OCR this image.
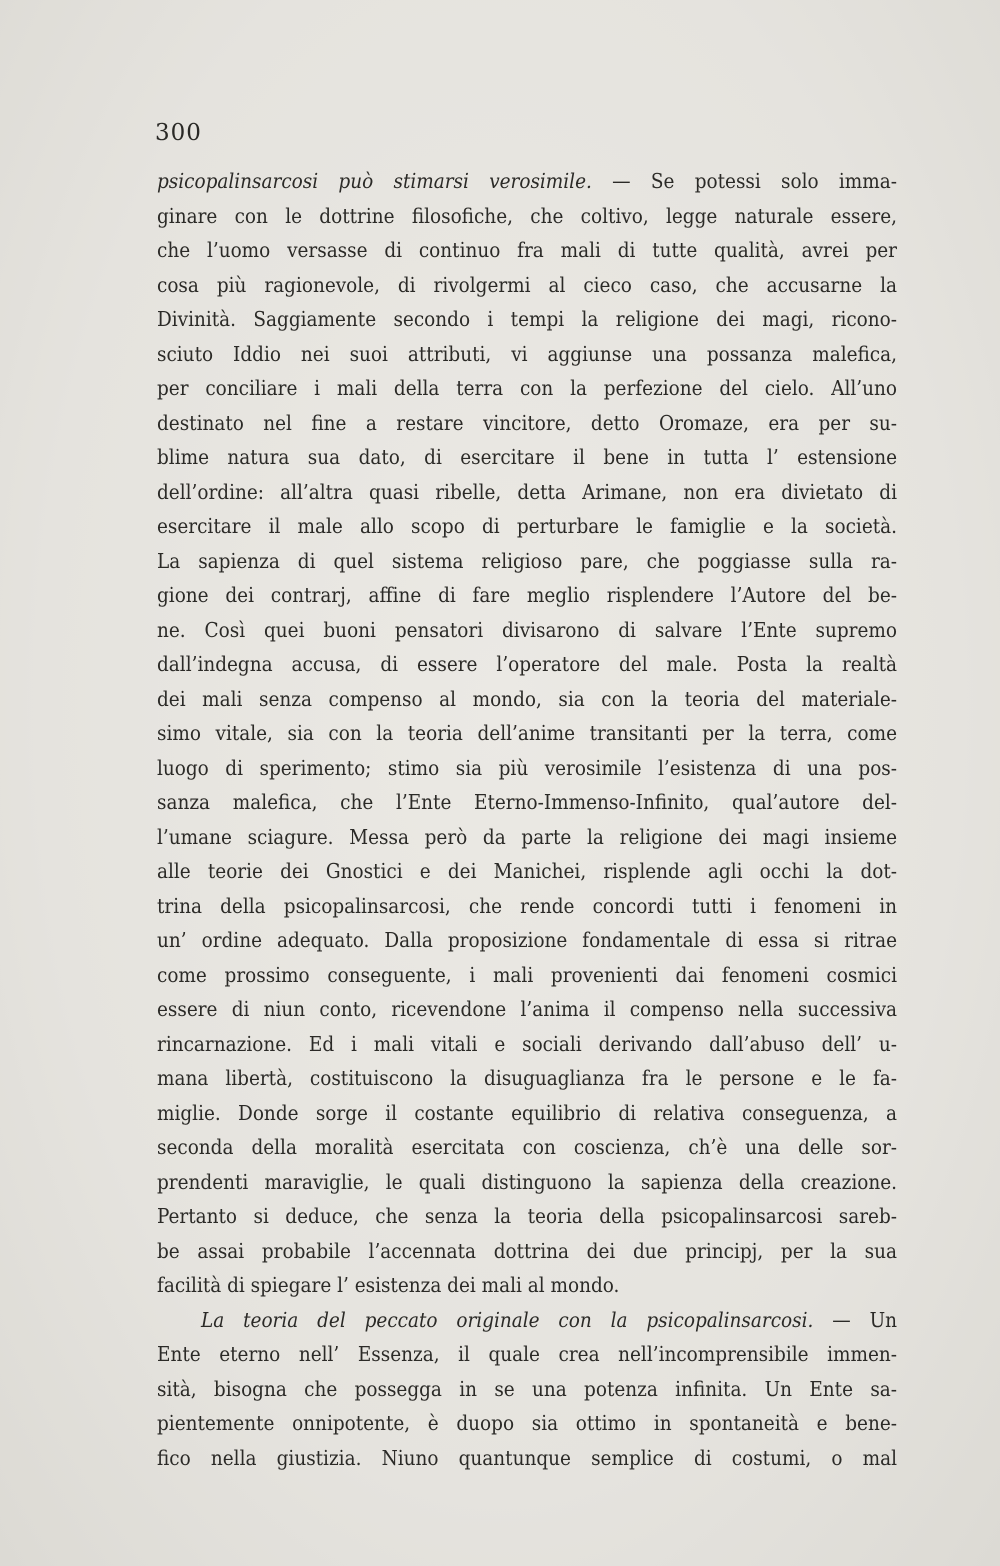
300
psicopalinsarcosi può stimarsi verosimile. — Se potessi solo imma-
ginare con le dottrine filosofiche, che coltivo, legge naturale essere,
che l’uomo versasse di continuo fra mali di tutte qualità, avrei per
cosa più ragionevole, di rivolgermi al cieco caso, che accusarne la
Divinità. Saggiamente secondo i tempi la religione dei magi, ricono-
sciuto Iddio nei suoi attributi, vi aggiunse una possanza malefica,
per conciliare i mali della terra con la perfezione del cielo. All’uno
destinato nel fine a restare vincitore, detto Oromaze, era per su-
blime natura sua dato, di esercitare il bene in tutta l’ estensione
dell’ordine: all’altra quasi ribelle, detta Arimane, non era divietato di
esercitare il male allo scopo di perturbare le famiglie e la società.
La sapienza di quel sistema religioso pare, che poggiasse sulla ra-
gione dei contrarj, affine di fare meglio risplendere l’Autore del be-
ne. Così quei buoni pensatori divisarono di salvare l’Ente supremo
dall’indegna accusa, di essere l’operatore del male. Posta la realtà
dei mali senza compenso al mondo, sia con la teoria del materiale-
simo vitale, sia con la teoria dell’anime transitanti per la terra, come
luogo di sperimento; stimo sia più verosimile l’esistenza di una pos-
sanza malefica, che l’Ente Eterno-Immenso-Infinito, qual’autore del-
l’umane sciagure. Messa però da parte la religione dei magi insieme
alle teorie dei Gnostici e dei Manichei, risplende agli occhi la dot-
trina della psicopalinsarcosi, che rende concordi tutti i fenomeni in
un’ ordine adequato. Dalla proposizione fondamentale di essa si ritrae
come prossimo conseguente, i mali provenienti dai fenomeni cosmici
essere di niun conto, ricevendone l’anima il compenso nella successiva
rincarnazione. Ed i mali vitali e sociali derivando dall’abuso dell’ u-
mana libertà, costituiscono la disuguaglianza fra le persone e le fa-
miglie. Donde sorge il costante equilibrio di relativa conseguenza, a
seconda della moralità esercitata con coscienza, ch’è una delle sor-
prendenti maraviglie, le quali distinguono la sapienza della creazione.
Pertanto si deduce, che senza la teoria della psicopalinsarcosi sareb-
be assai probabile l’accennata dottrina dei due principj, per la sua
facilità di spiegare l’ esistenza dei mali al mondo.
La teoria del peccato originale con la psicopalinsarcosi. — Un
Ente eterno nell’ Essenza, il quale crea nell’incomprensibile immen-
sità, bisogna che possegga in se una potenza infinita. Un Ente sa-
pientemente onnipotente, è duopo sia ottimo in spontaneità e bene-
fico nella giustizia. Niuno quantunque semplice di costumi, o mal
